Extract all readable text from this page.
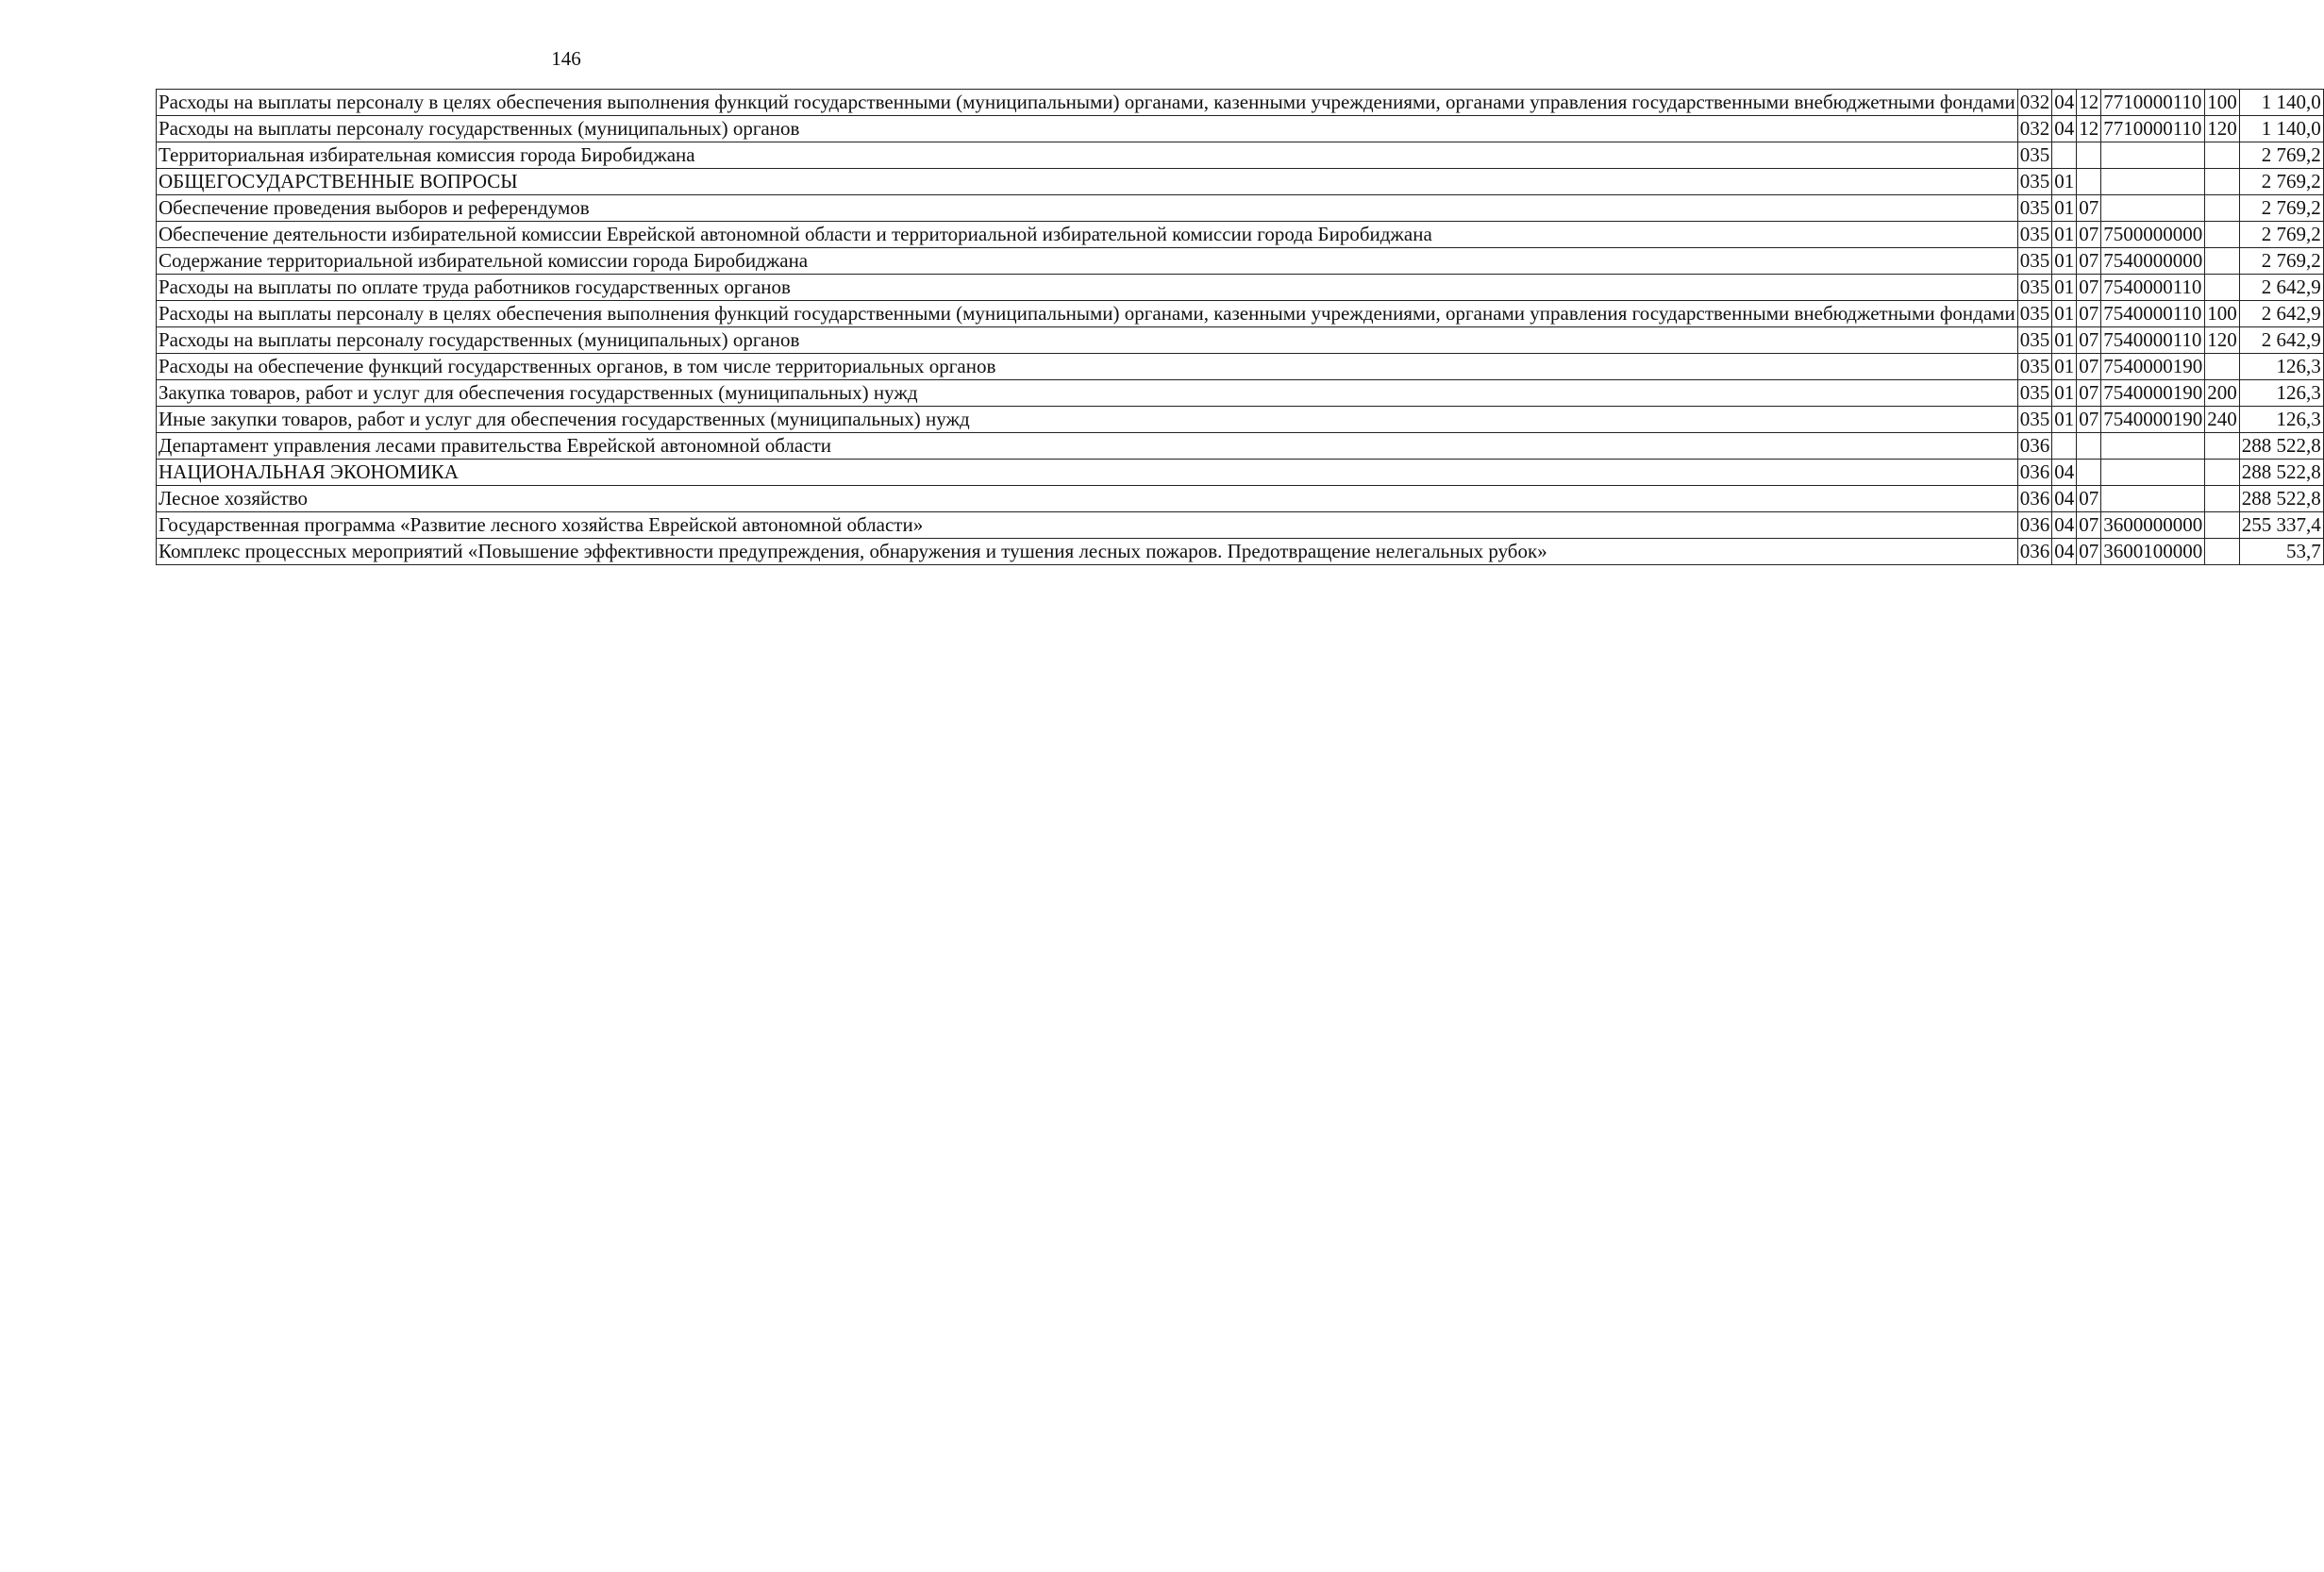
146
Расходы на выплаты персоналу в целях обеспечения выполнения функций государственными (муниципальными) органами, казенными учреждениями, органами управления государственными внебюджетными фондами	032	04	12	7710000110	100	1 140,0
Расходы на выплаты персоналу государственных (муниципальных) органов	032	04	12	7710000110	120	1 140,0
Территориальная избирательная комиссия города Биробиджана	035					2 769,2
ОБЩЕГОСУДАРСТВЕННЫЕ ВОПРОСЫ	035	01				2 769,2
Обеспечение проведения выборов и референдумов	035	01	07			2 769,2
Обеспечение деятельности избирательной комиссии Еврейской автономной области и территориальной избирательной комиссии города Биробиджана	035	01	07	7500000000		2 769,2
Содержание территориальной избирательной комиссии города Биробиджана	035	01	07	7540000000		2 769,2
Расходы на выплаты по оплате труда работников государственных органов	035	01	07	7540000110		2 642,9
Расходы на выплаты персоналу в целях обеспечения выполнения функций государственными (муниципальными) органами, казенными учреждениями, органами управления государственными внебюджетными фондами	035	01	07	7540000110	100	2 642,9
Расходы на выплаты персоналу государственных (муниципальных) органов	035	01	07	7540000110	120	2 642,9
Расходы на обеспечение функций государственных органов, в том числе территориальных органов	035	01	07	7540000190		126,3
Закупка товаров, работ и услуг для обеспечения государственных (муниципальных) нужд	035	01	07	7540000190	200	126,3
Иные закупки товаров, работ и услуг для обеспечения государственных (муниципальных) нужд	035	01	07	7540000190	240	126,3
Департамент управления лесами правительства Еврейской автономной области	036					288 522,8
НАЦИОНАЛЬНАЯ ЭКОНОМИКА	036	04				288 522,8
Лесное хозяйство	036	04	07			288 522,8
Государственная программа «Развитие лесного хозяйства Еврейской автономной области»	036	04	07	3600000000		255 337,4
Комплекс процессных мероприятий «Повышение эффективности предупреждения, обнаружения и тушения лесных пожаров. Предотвращение нелегальных рубок»	036	04	07	3600100000		53,7
